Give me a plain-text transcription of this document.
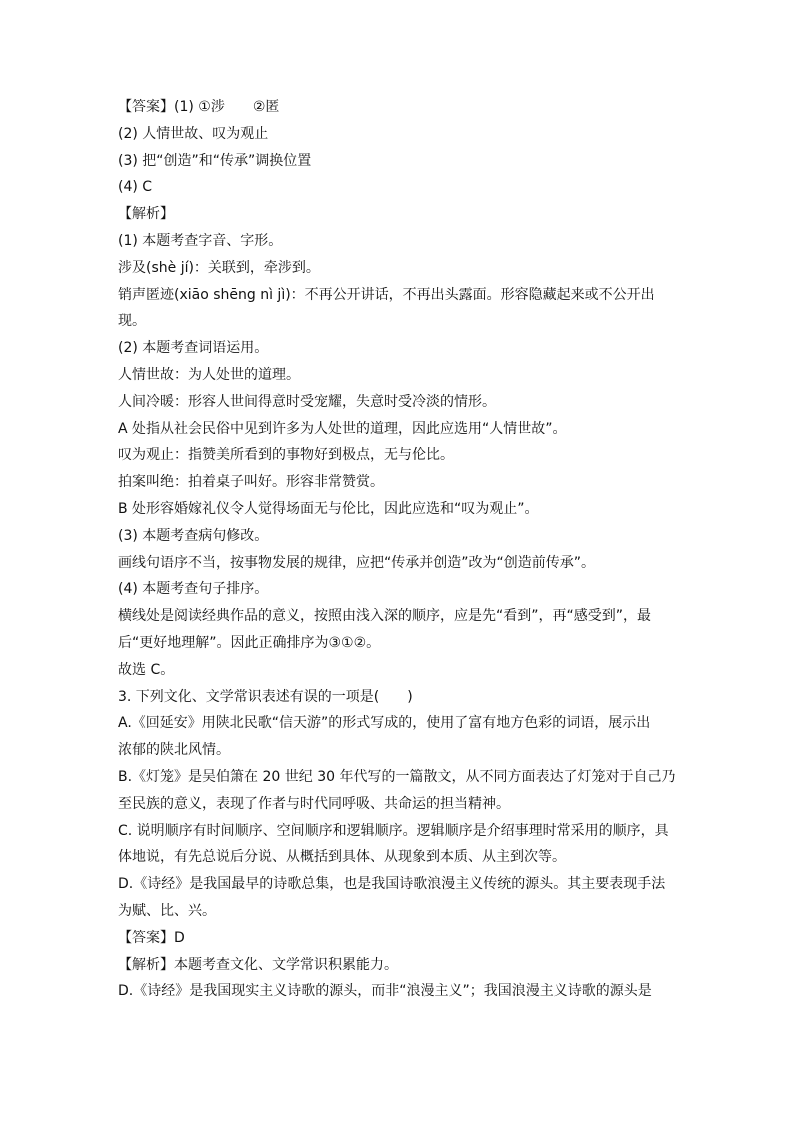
【答案】(1) ①涉　　②匿

(2) 人情世故、叹为观止

(3) 把“创造”和“传承”调换位置

(4) C

【解析】

(1) 本题考查字音、字形。

涉及(shè jí)：关联到，牵涉到。

销声匿迹(xiāo shēng nì jì)：不再公开讲话，不再出头露面。形容隐藏起来或不公开出

现。

(2) 本题考查词语运用。

人情世故：为人处世的道理。

人间冷暖：形容人世间得意时受宠耀，失意时受冷淡的情形。

A 处指从社会民俗中见到许多为人处世的道理，因此应选用“人情世故”。

叹为观止：指赞美所看到的事物好到极点，无与伦比。

拍案叫绝：拍着桌子叫好。形容非常赞赏。

B 处形容婚嫁礼仪令人觉得场面无与伦比，因此应选和“叹为观止”。

(3) 本题考查病句修改。

画线句语序不当，按事物发展的规律，应把“传承并创造”改为“创造前传承”。

(4) 本题考查句子排序。

横线处是阅读经典作品的意义，按照由浅入深的顺序，应是先“看到”，再“感受到”，最

后“更好地理解”。因此正确排序为③①②。

故选 C。

3. 下列文化、文学常识表述有误的一项是(　　)

A.《回延安》用陕北民歌“信天游”的形式写成的，使用了富有地方色彩的词语，展示出

浓郁的陕北风情。

B.《灯笼》是吴伯箫在 20 世纪 30 年代写的一篇散文，从不同方面表达了灯笼对于自己乃

至民族的意义，表现了作者与时代同呼吸、共命运的担当精神。

C. 说明顺序有时间顺序、空间顺序和逻辑顺序。逻辑顺序是介绍事理时常采用的顺序，具

体地说，有先总说后分说、从概括到具体、从现象到本质、从主到次等。

D.《诗经》是我国最早的诗歌总集，也是我国诗歌浪漫主义传统的源头。其主要表现手法

为赋、比、兴。

【答案】D

【解析】本题考查文化、文学常识积累能力。

D.《诗经》是我国现实主义诗歌的源头，而非“浪漫主义”；我国浪漫主义诗歌的源头是
